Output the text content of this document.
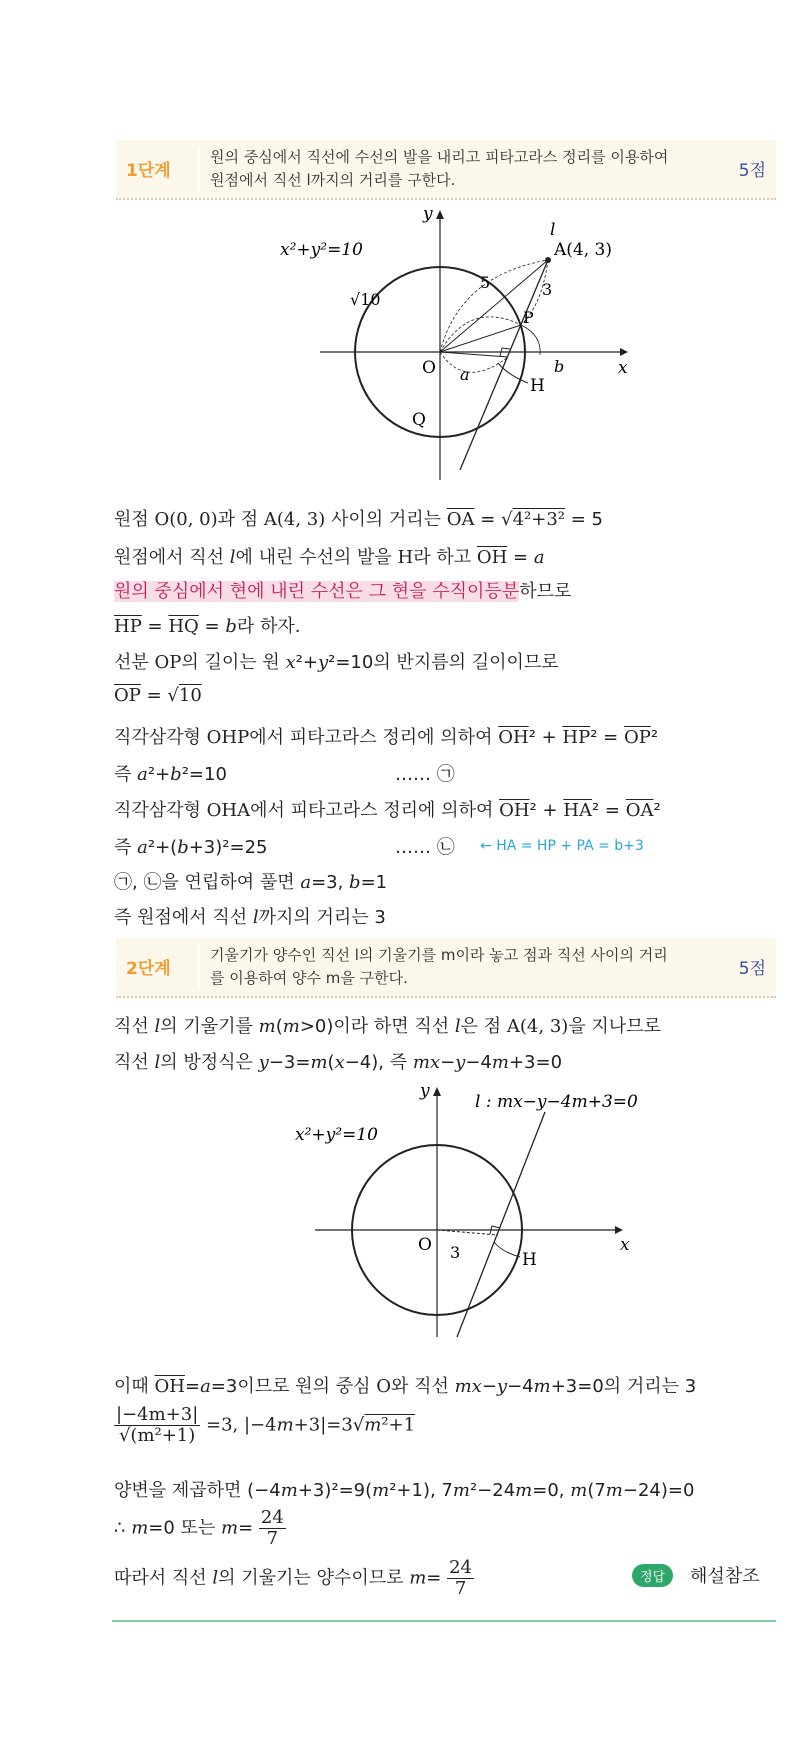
1단계
원의 중심에서 직선에 수선의 발을 내리고 피타고라스 정리를 이용하여 원점에서 직선 l까지의 거리를 구한다.	5점
x²+y²=10
y
x
l
A(4, 3)
5	3
√10
P
O a	b
Q
H
원점 O(0, 0)과 점 A(4, 3) 사이의 거리는 $\overline{OA} = √4^2+3^2 = 5$
원점에서 직선 l에 내린 수선의 발을 H라 하고 $\overline{OH} = a$
원의 중심에서 현에 내린 수선은 그 현을 수직이등분하므로
$\overline{HP} = \overline{HQ} = b$라 하자.
선분 OP의 길이는 원 x²+y²=10의 반지름의 길이이므로
$\overline{OP} = √10$
직각삼각형 OHP에서 피타고라스 정리에 의하여 $\overline{OH}^2 + \overline{HP}^2 = \overline{OP}^2$
즉 a²+b²=10	…… ㉠
직각삼각형 OHA에서 피타고라스 정리에 의하여 $\overline{OH}^2 + \overline{HA}^2 = \overline{OA}^2$
즉 a²+(b+3)²=25	…… ㉡ ← HA = HP + PA = b+3
㉠, ㉡을 연립하여 풀면 a=3, b=1
즉 원점에서 직선 l까지의 거리는 3
2단계
기울기가 양수인 직선 l의 기울기를 m이라 놓고 점과 직선 사이의 거리를 이용하여 양수 m을 구한다.	5점
직선 l의 기울기를 m(m>0)이라 하면 직선 l은 점 A(4, 3)을 지나므로
직선 l의 방정식은 y−3=m(x−4), 즉 mx−y−4m+3=0
x²+y²=10
y
x
l : mx−y−4m+3=0
O 3	H
이때 $\overline{OH}=a=3$이므로 원의 중심 O와 직선 mx−y−4m+3=0의 거리는 3
$\frac{|-4m+3|}{\text{√(m²+1)}} =3$, |−4m+3|=3√m²+1
양변을 제곱하면 (−4m+3)²=9(m²+1), 7m²−24m=0, m(7m−24)=0
∴ m=0 또는 $m= \frac{24}{7}$
따라서 직선 l의 기울기는 양수이므로 $m= \frac{24}{7}$	정답	해설참조
